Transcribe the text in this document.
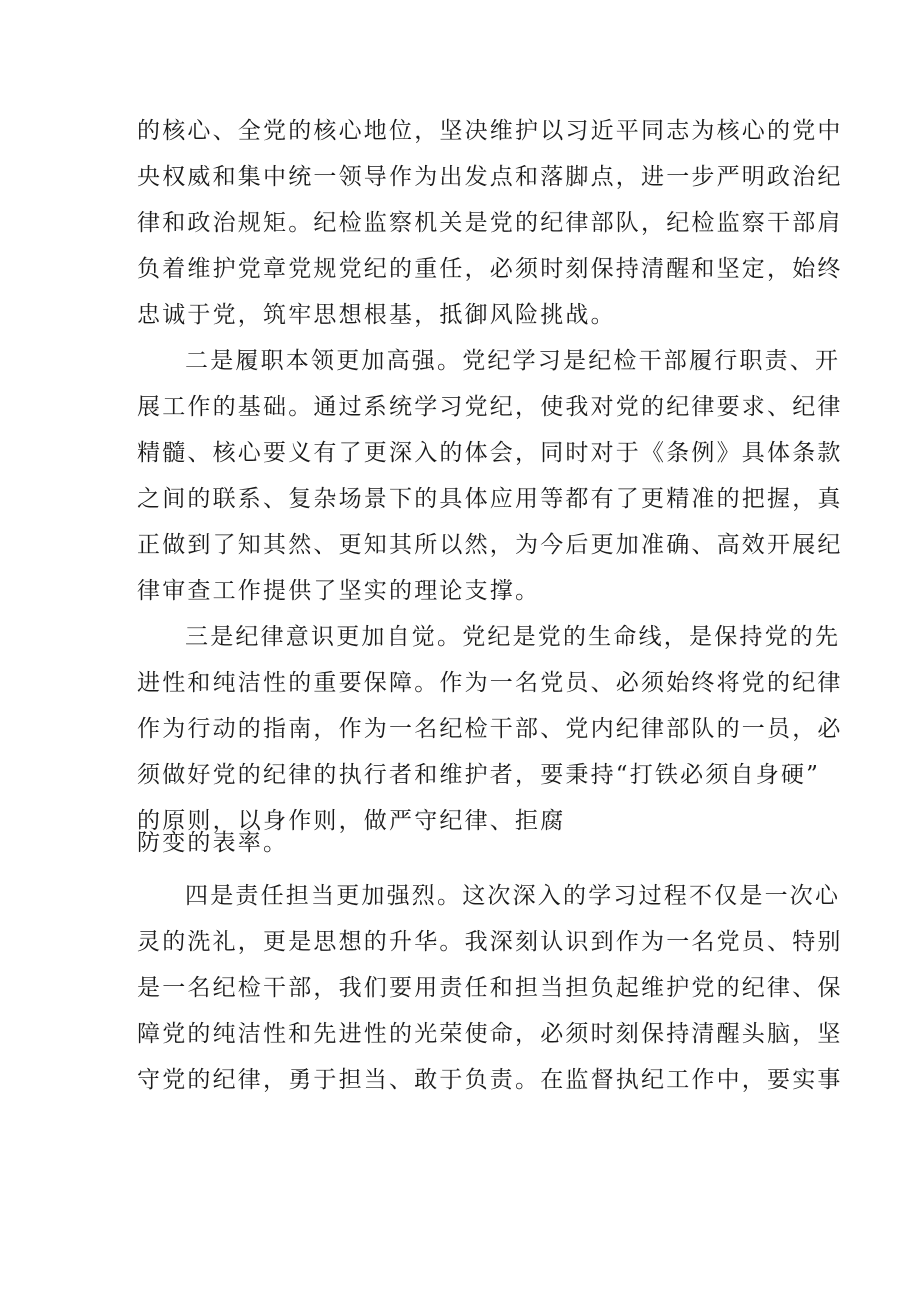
的核心、全党的核心地位，坚决维护以习近平同志为核心的党中
央权威和集中统一领导作为出发点和落脚点，进一步严明政治纪
律和政治规矩。纪检监察机关是党的纪律部队，纪检监察干部肩
负着维护党章党规党纪的重任，必须时刻保持清醒和坚定，始终
忠诚于党，筑牢思想根基，抵御风险挑战。
二是履职本领更加高强。党纪学习是纪检干部履行职责、开
展工作的基础。通过系统学习党纪，使我对党的纪律要求、纪律
精髓、核心要义有了更深入的体会，同时对于《条例》具体条款
之间的联系、复杂场景下的具体应用等都有了更精准的把握，真
正做到了知其然、更知其所以然，为今后更加准确、高效开展纪
律审查工作提供了坚实的理论支撑。
三是纪律意识更加自觉。党纪是党的生命线，是保持党的先
进性和纯洁性的重要保障。作为一名党员、必须始终将党的纪律
作为行动的指南，作为一名纪检干部、党内纪律部队的一员，必
须做好党的纪律的执行者和维护者，要秉持“打铁必须自身硬”
的原则，以身作则，做严守纪律、拒腐
防变的表率。
四是责任担当更加强烈。这次深入的学习过程不仅是一次心
灵的洗礼，更是思想的升华。我深刻认识到作为一名党员、特别
是一名纪检干部，我们要用责任和担当担负起维护党的纪律、保
障党的纯洁性和先进性的光荣使命，必须时刻保持清醒头脑，坚
守党的纪律，勇于担当、敢于负责。在监督执纪工作中，要实事
